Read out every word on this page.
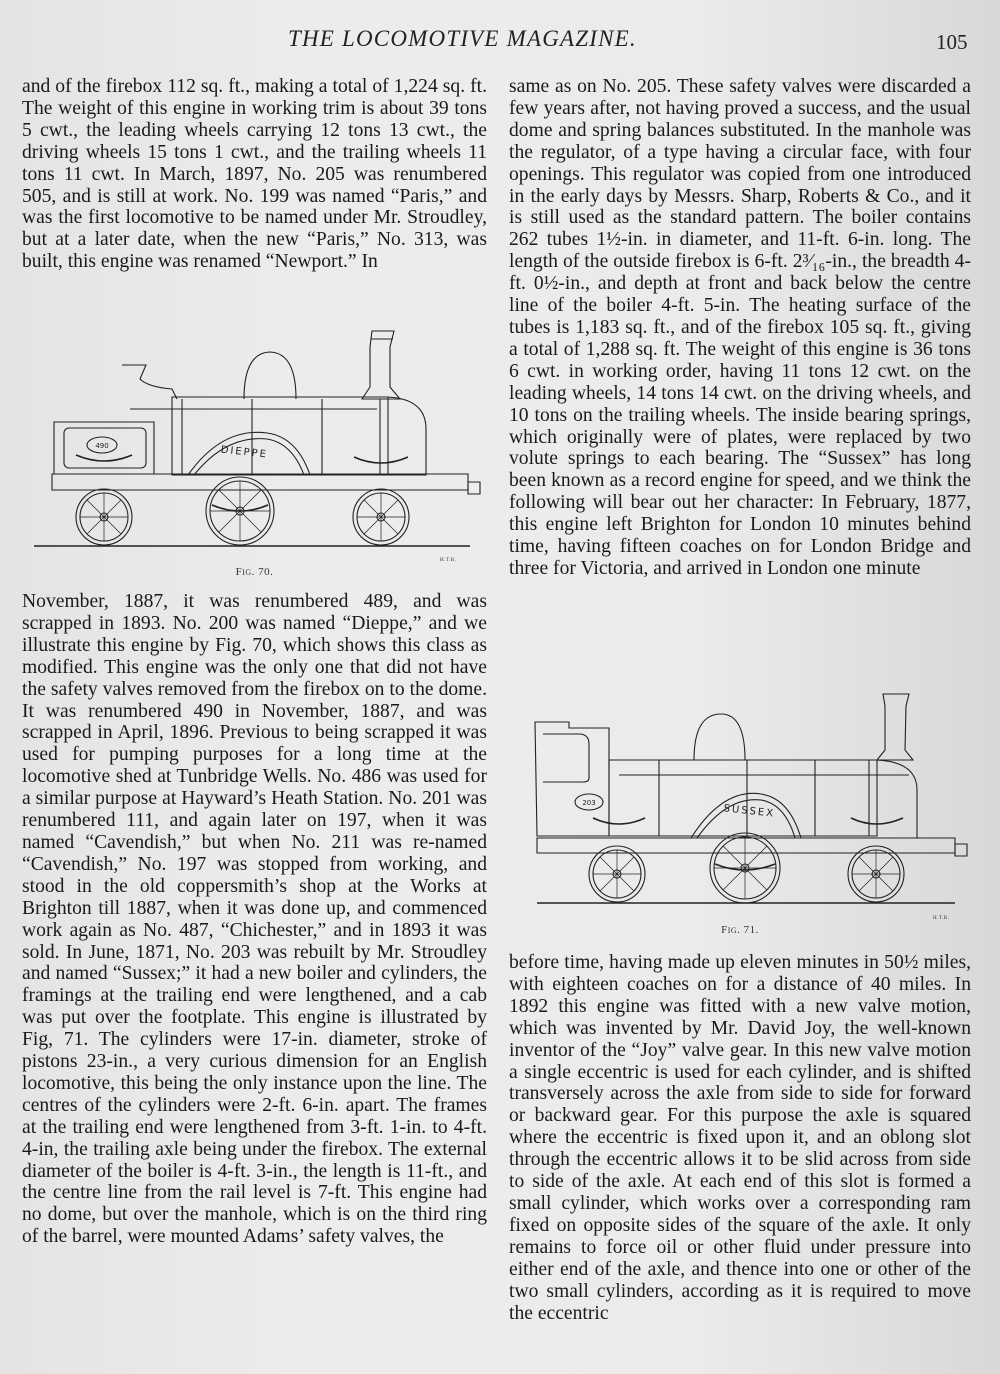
THE LOCOMOTIVE MAGAZINE.	105

and of the firebox 112 sq. ft., making a total of 1,224 sq. ft. The weight of this engine in working trim is about 39 tons 5 cwt., the leading wheels carrying 12 tons 13 cwt., the driving wheels 15 tons 1 cwt., and the trailing wheels 11 tons 11 cwt. In March, 1897, No. 205 was renumbered 505, and is still at work. No. 199 was named “Paris,” and was the first locomotive to be named under Mr. Stroudley, but at a later date, when the new “Paris,” No. 313, was built, this engine was renamed “Newport.” In

DIEPPE
490
H.T.B.
Fig. 70.

November, 1887, it was renumbered 489, and was scrapped in 1893. No. 200 was named “Dieppe,” and we illustrate this engine by Fig. 70, which shows this class as modified. This engine was the only one that did not have the safety valves removed from the firebox on to the dome. It was renumbered 490 in November, 1887, and was scrapped in April, 1896. Previous to being scrapped it was used for pumping purposes for a long time at the locomotive shed at Tunbridge Wells. No. 486 was used for a similar purpose at Hayward’s Heath Station. No. 201 was renumbered 111, and again later on 197, when it was named “Cavendish,” but when No. 211 was re-named “Cavendish,” No. 197 was stopped from working, and stood in the old coppersmith’s shop at the Works at Brighton till 1887, when it was done up, and commenced work again as No. 487, “Chichester,” and in 1893 it was sold. In June, 1871, No. 203 was rebuilt by Mr. Stroudley and named “Sussex;” it had a new boiler and cylinders, the framings at the trailing end were lengthened, and a cab was put over the footplate. This engine is illustrated by Fig, 71. The cylinders were 17-in. diameter, stroke of pistons 23-in., a very curious dimension for an English locomotive, this being the only instance upon the line. The centres of the cylinders were 2-ft. 6-in. apart. The frames at the trailing end were lengthened from 3-ft. 1-in. to 4-ft. 4-in, the trailing axle being under the firebox. The external diameter of the boiler is 4-ft. 3-in., the length is 11-ft., and the centre line from the rail level is 7-ft. This engine had no dome, but over the manhole, which is on the third ring of the barrel, were mounted Adams’ safety valves, the

same as on No. 205. These safety valves were discarded a few years after, not having proved a success, and the usual dome and spring balances substituted. In the manhole was the regulator, of a type having a circular face, with four openings. This regulator was copied from one introduced in the early days by Messrs. Sharp, Roberts & Co., and it is still used as the standard pattern. The boiler contains 262 tubes 1½-in. in diameter, and 11-ft. 6-in. long. The length of the outside firebox is 6-ft. 2³⁄₁₆-in., the breadth 4-ft. 0½-in., and depth at front and back below the centre line of the boiler 4-ft. 5-in. The heating surface of the tubes is 1,183 sq. ft., and of the firebox 105 sq. ft., giving a total of 1,288 sq. ft. The weight of this engine is 36 tons 6 cwt. in working order, having 11 tons 12 cwt. on the leading wheels, 14 tons 14 cwt. on the driving wheels, and 10 tons on the trailing wheels. The inside bearing springs, which originally were of plates, were replaced by two volute springs to each bearing. The “Sussex” has long been known as a record engine for speed, and we think the following will bear out her character: In February, 1877, this engine left Brighton for London 10 minutes behind time, having fifteen coaches on for London Bridge and three for Victoria, and arrived in London one minute

SUSSEX
203
H.T.B.
Fig. 71.

before time, having made up eleven minutes in 50½ miles, with eighteen coaches on for a distance of 40 miles. In 1892 this engine was fitted with a new valve motion, which was invented by Mr. David Joy, the well-known inventor of the “Joy” valve gear. In this new valve motion a single eccentric is used for each cylinder, and is shifted transversely across the axle from side to side for forward or backward gear. For this purpose the axle is squared where the eccentric is fixed upon it, and an oblong slot through the eccentric allows it to be slid across from side to side of the axle. At each end of this slot is formed a small cylinder, which works over a corresponding ram fixed on opposite sides of the square of the axle. It only remains to force oil or other fluid under pressure into either end of the axle, and thence into one or other of the two small cylinders, according as it is required to move the eccentric
